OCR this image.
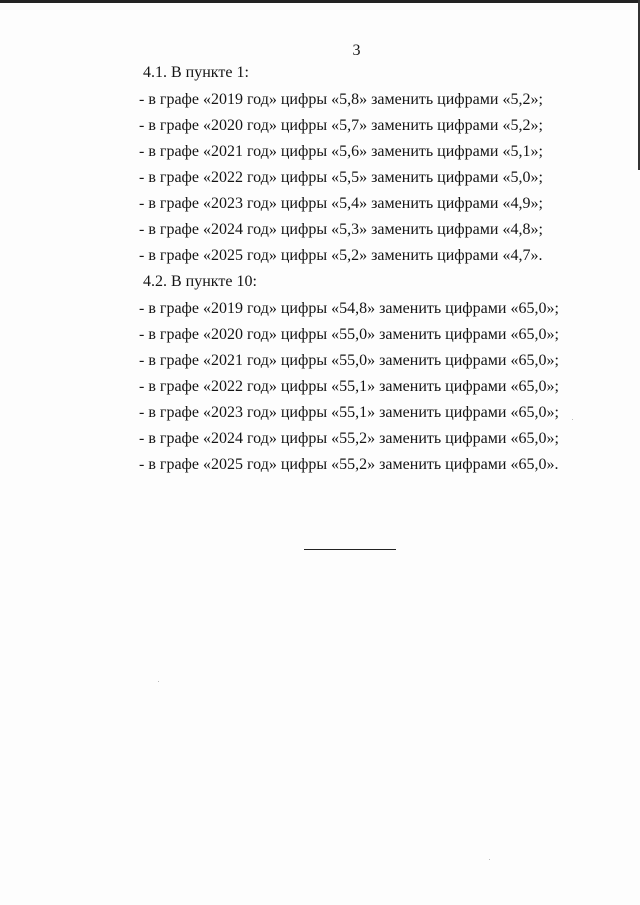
3
4.1. В пункте 1:
- в графе «2019 год» цифры «5,8» заменить цифрами «5,2»;
- в графе «2020 год» цифры «5,7» заменить цифрами «5,2»;
- в графе «2021 год» цифры «5,6» заменить цифрами «5,1»;
- в графе «2022 год» цифры «5,5» заменить цифрами «5,0»;
- в графе «2023 год» цифры «5,4» заменить цифрами «4,9»;
- в графе «2024 год» цифры «5,3» заменить цифрами «4,8»;
- в графе «2025 год» цифры «5,2» заменить цифрами «4,7».
4.2. В пункте 10:
- в графе «2019 год» цифры «54,8» заменить цифрами «65,0»;
- в графе «2020 год» цифры «55,0» заменить цифрами «65,0»;
- в графе «2021 год» цифры «55,0» заменить цифрами «65,0»;
- в графе «2022 год» цифры «55,1» заменить цифрами «65,0»;
- в графе «2023 год» цифры «55,1» заменить цифрами «65,0»;
- в графе «2024 год» цифры «55,2» заменить цифрами «65,0»;
- в графе «2025 год» цифры «55,2» заменить цифрами «65,0».
